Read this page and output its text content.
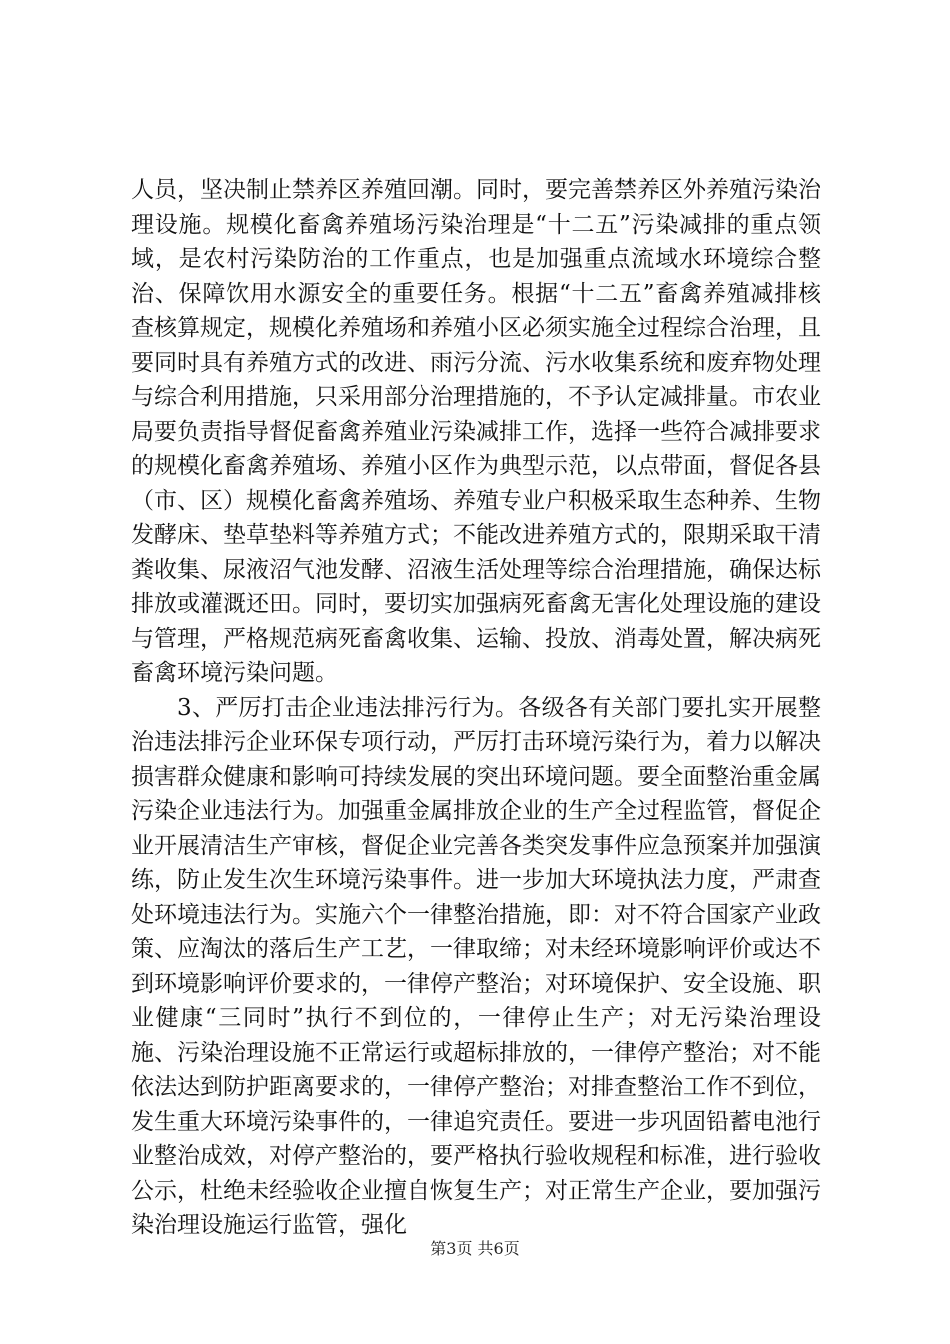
人员，坚决制止禁养区养殖回潮。同时，要完善禁养区外养殖污染治理设施。规模化畜禽养殖场污染治理是“十二五”污染减排的重点领域，是农村污染防治的工作重点，也是加强重点流域水环境综合整治、保障饮用水源安全的重要任务。根据“十二五”畜禽养殖减排核查核算规定，规模化养殖场和养殖小区必须实施全过程综合治理，且要同时具有养殖方式的改进、雨污分流、污水收集系统和废弃物处理与综合利用措施，只采用部分治理措施的，不予认定减排量。市农业局要负责指导督促畜禽养殖业污染减排工作，选择一些符合减排要求的规模化畜禽养殖场、养殖小区作为典型示范，以点带面，督促各县（市、区）规模化畜禽养殖场、养殖专业户积极采取生态种养、生物发酵床、垫草垫料等养殖方式；不能改进养殖方式的，限期采取干清粪收集、尿液沼气池发酵、沼液生活处理等综合治理措施，确保达标排放或灌溉还田。同时，要切实加强病死畜禽无害化处理设施的建设与管理，严格规范病死畜禽收集、运输、投放、消毒处置，解决病死畜禽环境污染问题。

3、严厉打击企业违法排污行为。各级各有关部门要扎实开展整治违法排污企业环保专项行动，严厉打击环境污染行为，着力以解决损害群众健康和影响可持续发展的突出环境问题。要全面整治重金属污染企业违法行为。加强重金属排放企业的生产全过程监管，督促企业开展清洁生产审核，督促企业完善各类突发事件应急预案并加强演练，防止发生次生环境污染事件。进一步加大环境执法力度，严肃查处环境违法行为。实施六个一律整治措施，即：对不符合国家产业政策、应淘汰的落后生产工艺，一律取缔；对未经环境影响评价或达不到环境影响评价要求的，一律停产整治；对环境保护、安全设施、职业健康“三同时”执行不到位的，一律停止生产；对无污染治理设施、污染治理设施不正常运行或超标排放的，一律停产整治；对不能依法达到防护距离要求的，一律停产整治；对排查整治工作不到位，发生重大环境污染事件的，一律追究责任。要进一步巩固铅蓄电池行业整治成效，对停产整治的，要严格执行验收规程和标准，进行验收公示，杜绝未经验收企业擅自恢复生产；对正常生产企业，要加强污染治理设施运行监管，强化

第3页 共6页
